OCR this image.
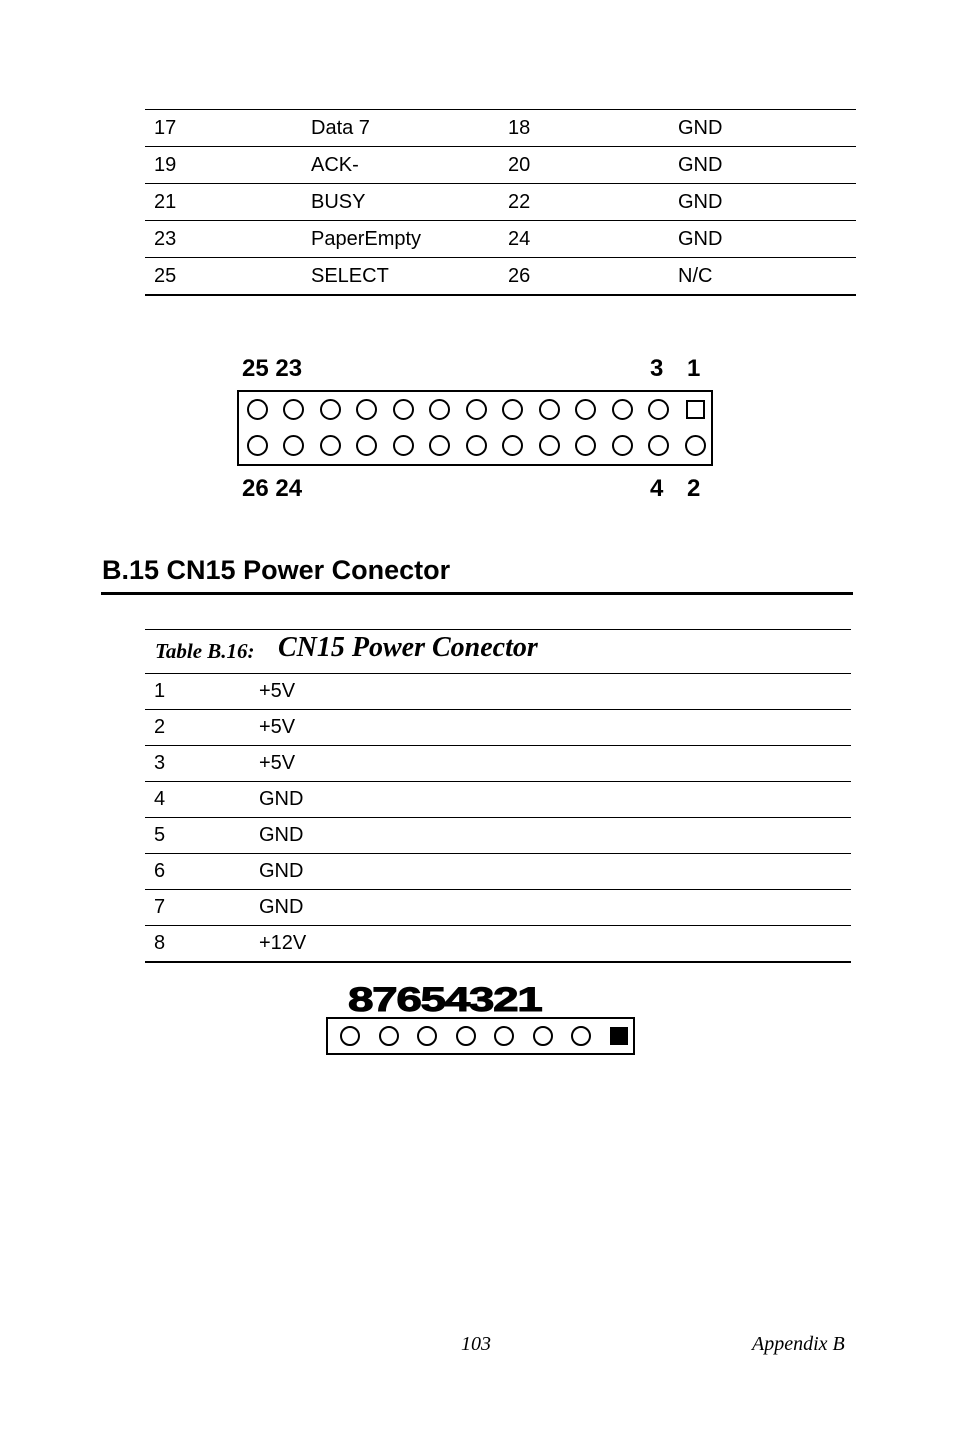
17	Data 7	18	GND
19	ACK-	20	GND
21	BUSY	22	GND
23	PaperEmpty	24	GND
25	SELECT	26	N/C
25 23	3 1
26 24	4 2
B.15 CN15 Power Conector
Table B.16: CN15 Power Conector
1	+5V
2	+5V
3	+5V
4	GND
5	GND
6	GND
7	GND
8	+12V
87654321
103	Appendix B
